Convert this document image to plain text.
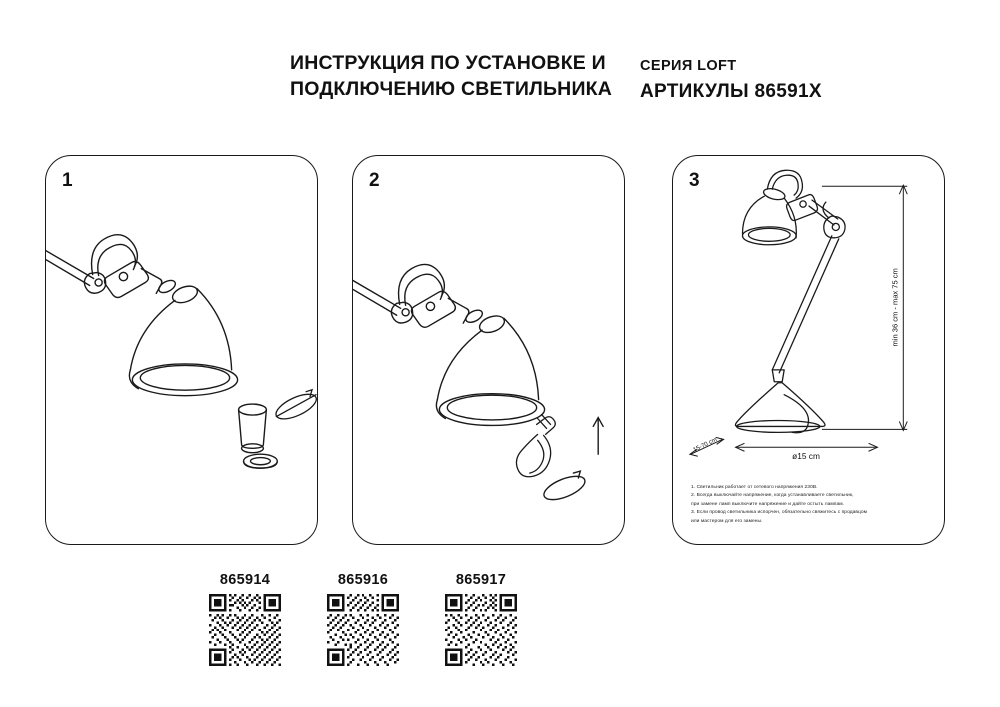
ИНСТРУКЦИЯ ПО УСТАНОВКЕ И
ПОДКЛЮЧЕНИЮ СВЕТИЛЬНИКА
СЕРИЯ LOFT
АРТИКУЛЫ 86591X
1	2	3
min 36 cm - max 75 cm
ø15 cm
15-70 cm

1. Светильник работает от сетевого напряжения 230В.

2. Всегда выключайте напряжение, когда устанавливаете светильник,

при замене ламп выключите напряжение и дайте остыть лампам.

3. Если провод светильника испорчен, обязательно свяжитесь с продавцом

или мастером для его замены.

865914	865916	865917
